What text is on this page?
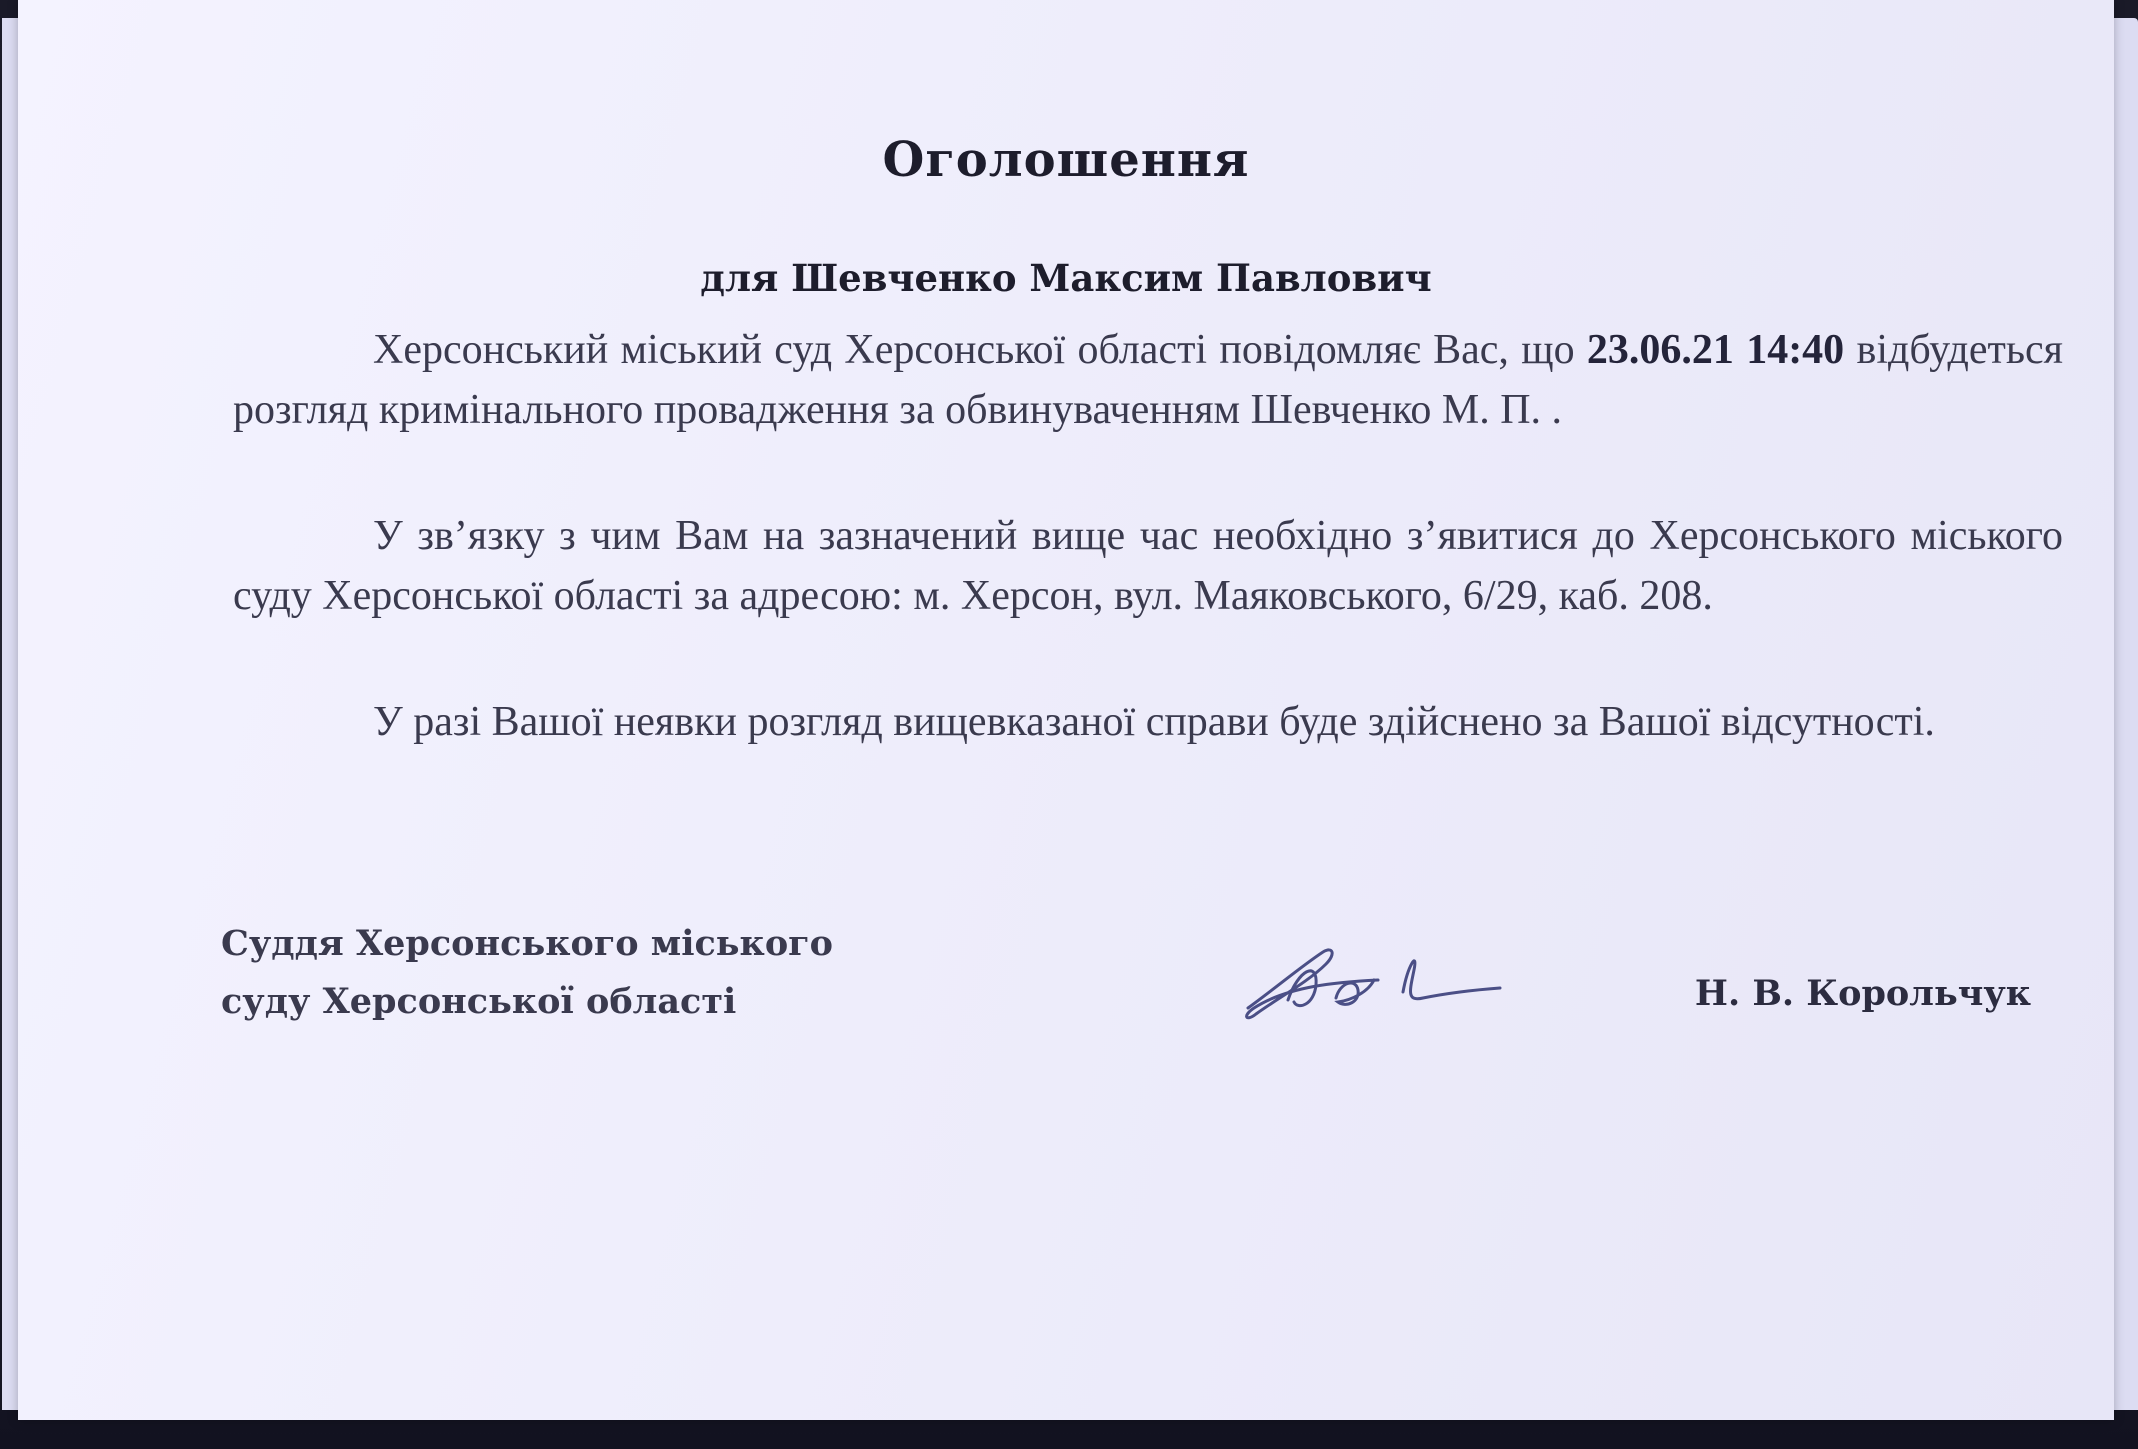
Оголошення
для Шевченко Максим Павлович

Херсонський міський суд Херсонської області повідомляє Вас, що 23.06.21 14:40 відбудеться розгляд кримінального провадження за обвинуваченням Шевченко М. П. .

У зв’язку з чим Вам на зазначений вище час необхідно з’явитися до Херсонського міського суду Херсонської області за адресою: м. Херсон, вул. Маяковського, 6/29, каб. 208.

У разі Вашої неявки розгляд вищевказаної справи буде здійснено за Вашої відсутності.

Суддя Херсонського міського
суду Херсонської області	Н. В. Корольчук
